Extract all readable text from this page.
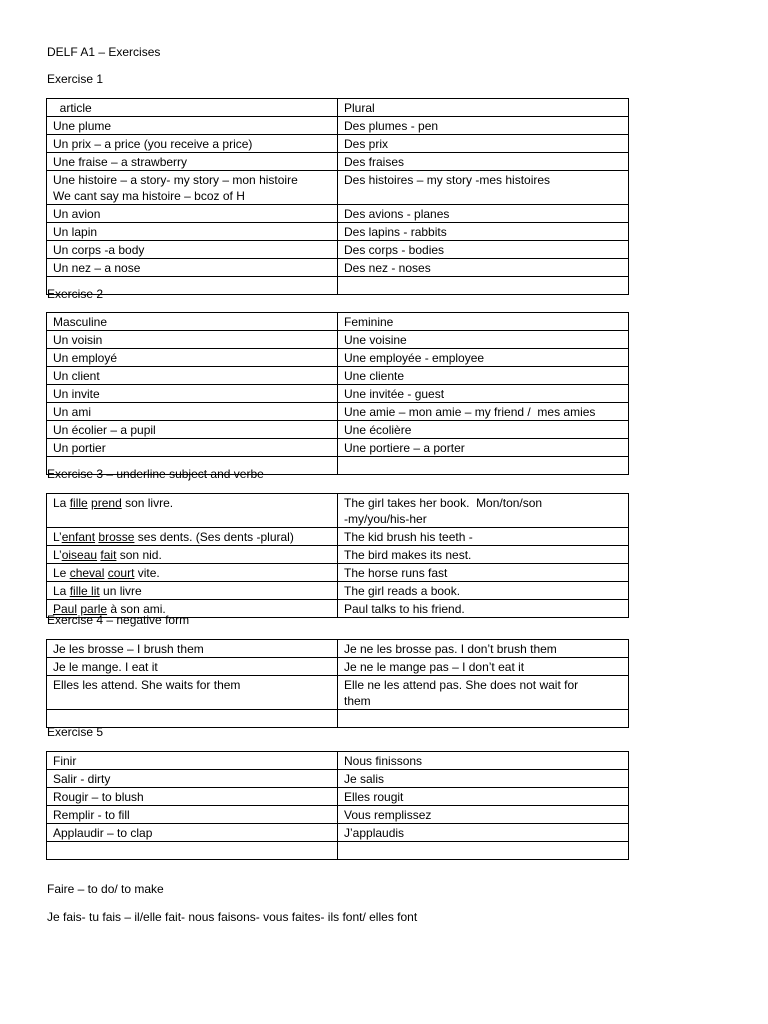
DELF A1 – Exercises
Exercise 1
article	Plural

Une plume	Des plumes - pen

Un prix – a price (you receive a price)	Des prix

Une fraise – a strawberry	Des fraises

Une histoire – a story- my story – mon histoire
We cant say ma histoire – bcoz of H	Des histoires – my story -mes histoires

Un avion	Des avions - planes

Un lapin	Des lapins - rabbits

Un corps -a body	Des corps - bodies

Un nez – a nose	Des nez - noses

Exercise 2
Masculine	Feminine

Un voisin	Une voisine

Un employé	Une employée - employee

Un client	Une cliente

Un invite	Une invitée - guest

Un ami	Une amie – mon amie – my friend /  mes amies

Un écolier – a pupil	Une écolière

Un portier	Une portiere – a porter

Exercise 3 – underline subject and verbe
La fille prend son livre.	The girl takes her book.  Mon/ton/son
-my/you/his-her

L’enfant brosse ses dents. (Ses dents -plural)	The kid brush his teeth -

L’oiseau fait son nid.	The bird makes its nest.

Le cheval court vite.	The horse runs fast

La fille lit un livre	The girl reads a book.

Paul parle à son ami.	Paul talks to his friend.
Exercise 4 – negative form
Je les brosse – I brush them	Je ne les brosse pas. I don’t brush them

Je le mange. I eat it	Je ne le mange pas – I don’t eat it

Elles les attend. She waits for them	Elle ne les attend pas. She does not wait for
them

Exercise 5
Finir	Nous finissons

Salir - dirty	Je salis

Rougir – to blush	Elles rougit

Remplir - to fill	Vous remplissez

Applaudir – to clap	J’applaudis

Faire – to do/ to make
Je fais- tu fais – il/elle fait- nous faisons- vous faites- ils font/ elles font
